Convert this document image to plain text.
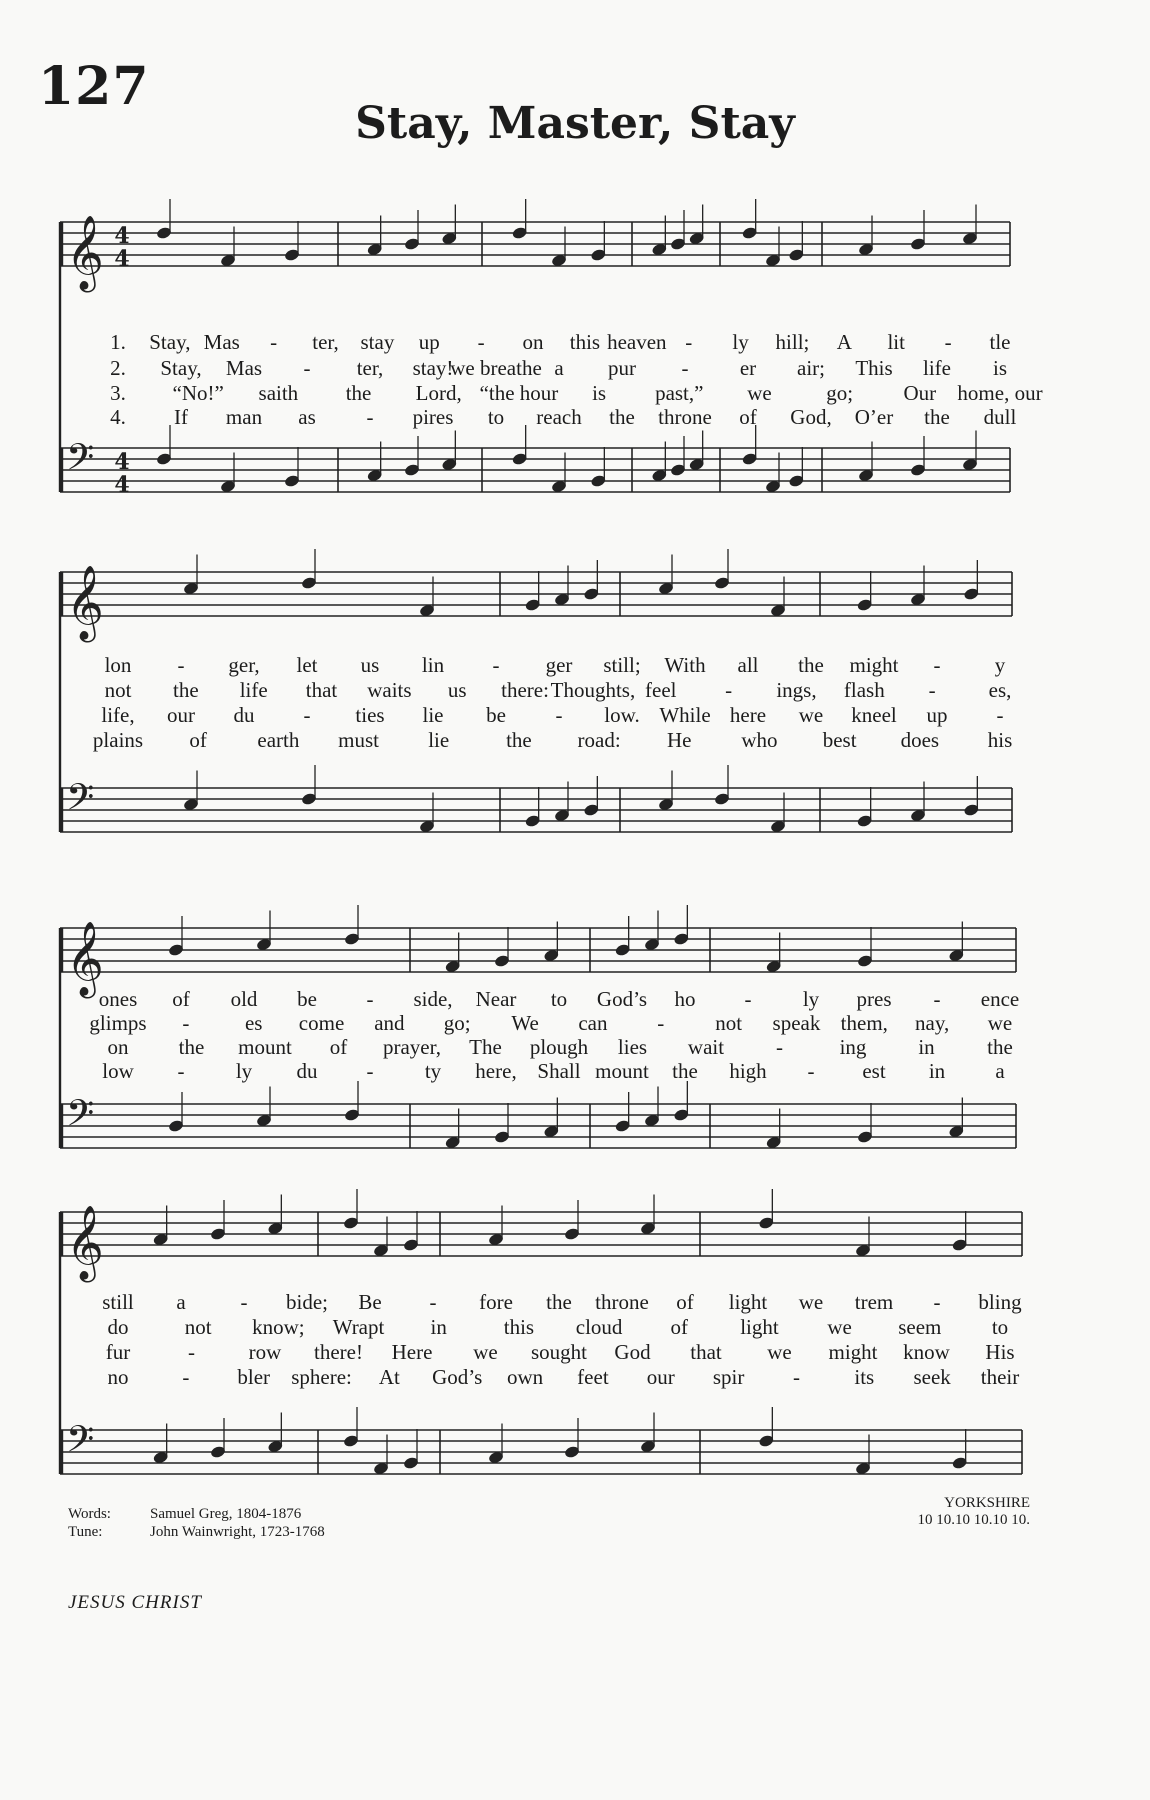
127
Stay, Master, Stay
𝄞
𝄢
4
4
4
4
𝄞
𝄢
𝄞
𝄢
𝄞
𝄢
1. Stay, Mas - ter, stay up - on this heaven - ly hill; A lit - tle
2. Stay, Mas - ter, stay!
we breathe a pur - er air; This life is
3. “No!” saith the Lord, “the hour is past,” we	go; Our home, our
4. If man as - pires to reach the throne of God, O’er the dull
lon - ger, let us lin - ger still; With all the might -	y
not the life that waits us there: Thoughts, feel - ings, flash -	es,
life, our du - ties lie be - low. While here we kneel up -
plains of earth must lie	the road: He who best does his
ones of old be - side, Near to God’s ho - ly pres - ence
glimps -	es come and go; We can - not speak them, nay, we
on the mount of prayer, The plough lies wait -	ing in	the
low - ly du - ty here, Shall mount the high - est in a
still a	- bide; Be - fore the throne of light we trem - bling
do	not know; Wrapt in	this cloud of light we seem to
fur	-	row there! Here we sought God that we might know His
no	- bler sphere: At God’s own feet our spir -	its seek their
Words:	Samuel Greg, 1804-1876
Tune:	John Wainwright, 1723-1768
YORKSHIRE
10 10.10 10.10 10.
JESUS CHRIST
